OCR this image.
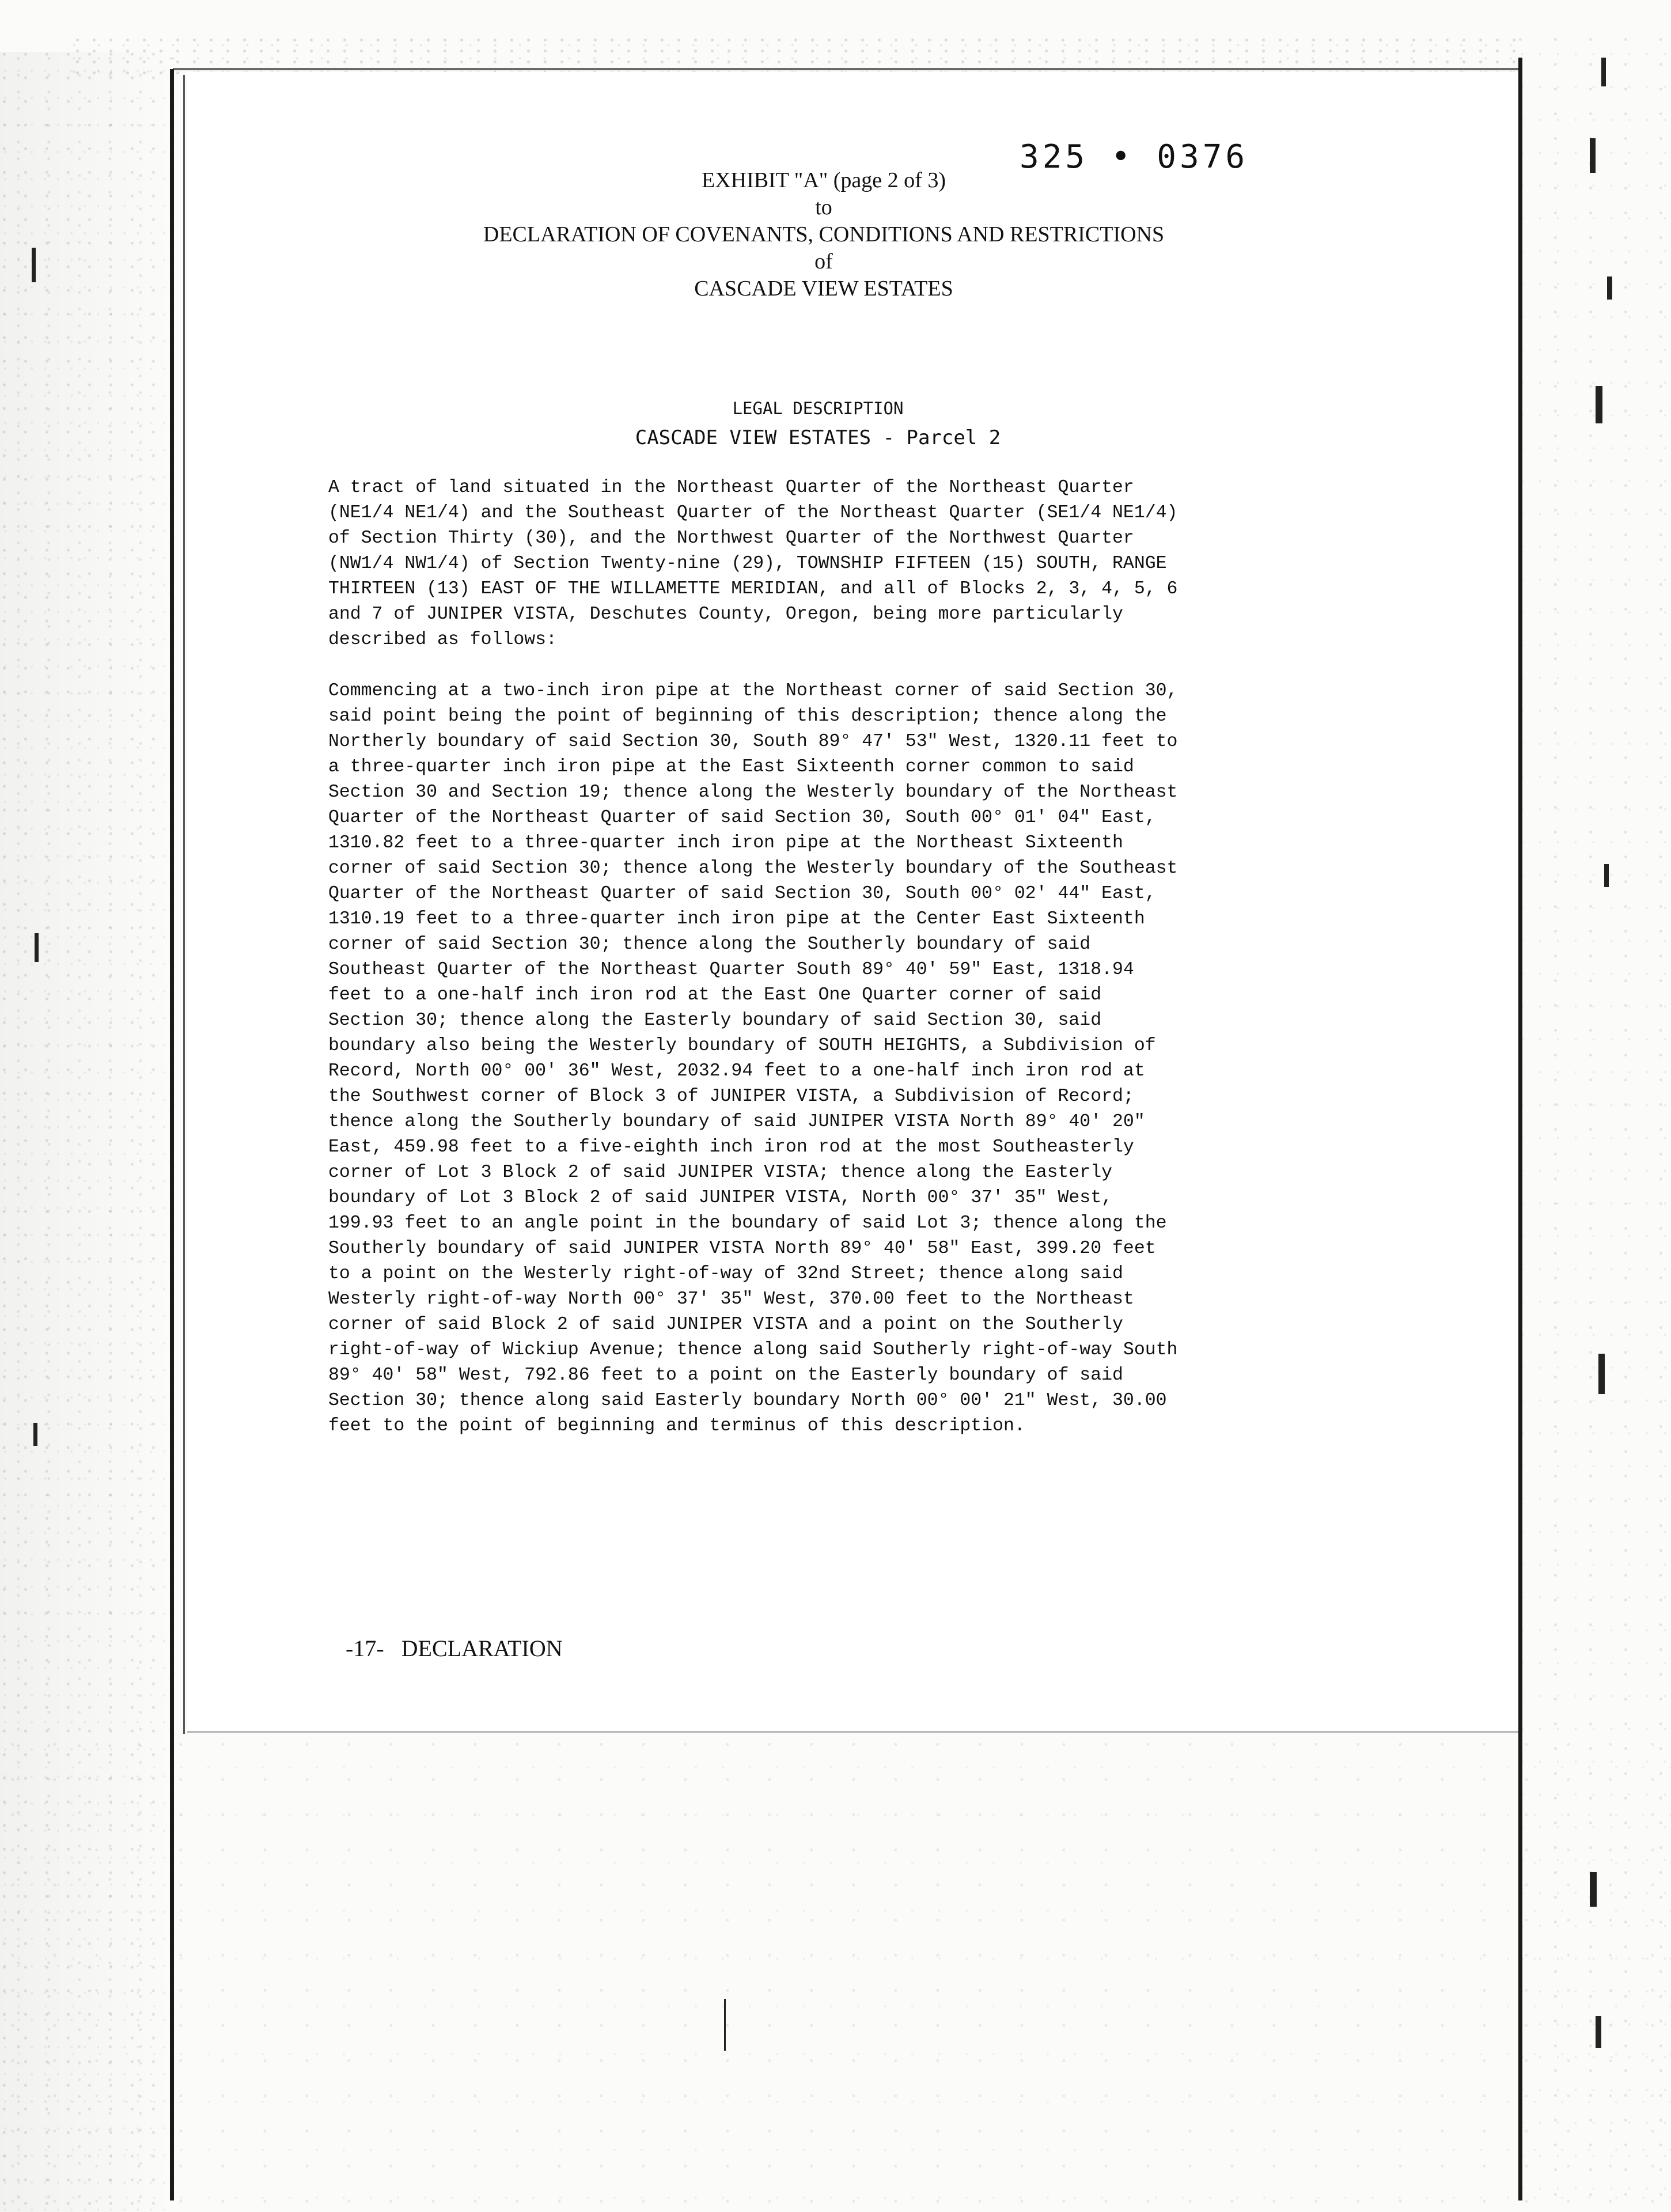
325 • 0376
EXHIBIT "A" (page 2 of 3)
to
DECLARATION OF COVENANTS, CONDITIONS AND RESTRICTIONS
of
CASCADE VIEW ESTATES
LEGAL DESCRIPTION
CASCADE VIEW ESTATES - Parcel 2
A tract of land situated in the Northeast Quarter of the Northeast Quarter
(NE1/4 NE1/4) and the Southeast Quarter of the Northeast Quarter (SE1/4 NE1/4)
of Section Thirty (30), and the Northwest Quarter of the Northwest Quarter
(NW1/4 NW1/4) of Section Twenty-nine (29), TOWNSHIP FIFTEEN (15) SOUTH, RANGE
THIRTEEN (13) EAST OF THE WILLAMETTE MERIDIAN, and all of Blocks 2, 3, 4, 5, 6
and 7 of JUNIPER VISTA, Deschutes County, Oregon, being more particularly
described as follows:
Commencing at a two-inch iron pipe at the Northeast corner of said Section 30,
said point being the point of beginning of this description; thence along the
Northerly boundary of said Section 30, South 89° 47' 53" West, 1320.11 feet to
a three-quarter inch iron pipe at the East Sixteenth corner common to said
Section 30 and Section 19; thence along the Westerly boundary of the Northeast
Quarter of the Northeast Quarter of said Section 30, South 00° 01' 04" East,
1310.82 feet to a three-quarter inch iron pipe at the Northeast Sixteenth
corner of said Section 30; thence along the Westerly boundary of the Southeast
Quarter of the Northeast Quarter of said Section 30, South 00° 02' 44" East,
1310.19 feet to a three-quarter inch iron pipe at the Center East Sixteenth
corner of said Section 30; thence along the Southerly boundary of said
Southeast Quarter of the Northeast Quarter South 89° 40' 59" East, 1318.94
feet to a one-half inch iron rod at the East One Quarter corner of said
Section 30; thence along the Easterly boundary of said Section 30, said
boundary also being the Westerly boundary of SOUTH HEIGHTS, a Subdivision of
Record, North 00° 00' 36" West, 2032.94 feet to a one-half inch iron rod at
the Southwest corner of Block 3 of JUNIPER VISTA, a Subdivision of Record;
thence along the Southerly boundary of said JUNIPER VISTA North 89° 40' 20"
East, 459.98 feet to a five-eighth inch iron rod at the most Southeasterly
corner of Lot 3 Block 2 of said JUNIPER VISTA; thence along the Easterly
boundary of Lot 3 Block 2 of said JUNIPER VISTA, North 00° 37' 35" West,
199.93 feet to an angle point in the boundary of said Lot 3; thence along the
Southerly boundary of said JUNIPER VISTA North 89° 40' 58" East, 399.20 feet
to a point on the Westerly right-of-way of 32nd Street; thence along said
Westerly right-of-way North 00° 37' 35" West, 370.00 feet to the Northeast
corner of said Block 2 of said JUNIPER VISTA and a point on the Southerly
right-of-way of Wickiup Avenue; thence along said Southerly right-of-way South
89° 40' 58" West, 792.86 feet to a point on the Easterly boundary of said
Section 30; thence along said Easterly boundary North 00° 00' 21" West, 30.00
feet to the point of beginning and terminus of this description.
-17-   DECLARATION
